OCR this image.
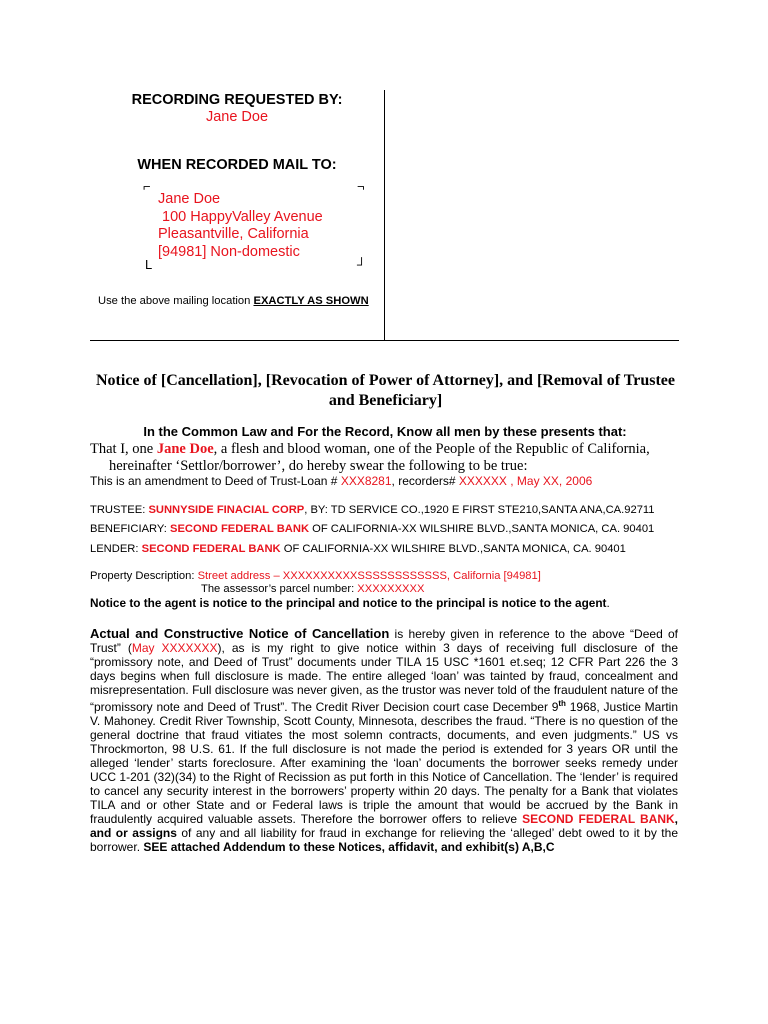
RECORDING REQUESTED BY:
Jane Doe
WHEN RECORDED MAIL TO:
⌐	¬
L	┘
Jane Doe
100 HappyValley Avenue
Pleasantville, California
[94981] Non-domestic
Use the above mailing location EXACTLY AS SHOWN
Notice of [Cancellation], [Revocation of Power of Attorney], and [Removal of Trustee and Beneficiary]
In the Common Law and For the Record, Know all men by these presents that:
That I, one Jane Doe, a flesh and blood woman, one of the People of the Republic of California,
hereinafter ‘Settlor/borrower’, do hereby swear the following to be true:
This is an amendment to Deed of Trust-Loan # XXX8281, recorders# XXXXXX , May XX, 2006
TRUSTEE: SUNNYSIDE FINACIAL CORP, BY: TD SERVICE CO.,1920 E FIRST STE210,SANTA ANA,CA.92711
BENEFICIARY: SECOND FEDERAL BANK OF CALIFORNIA-XX WILSHIRE BLVD.,SANTA MONICA, CA. 90401
LENDER: SECOND FEDERAL BANK OF CALIFORNIA-XX WILSHIRE BLVD.,SANTA MONICA, CA. 90401
Property Description: Street address – XXXXXXXXXXSSSSSSSSSSSS, California [94981]
The assessor’s parcel number: XXXXXXXXX
Notice to the agent is notice to the principal and notice to the principal is notice to the agent.
Actual and Constructive Notice of Cancellation is hereby given in reference to the above “Deed of Trust” (May XXXXXXX), as is my right to give notice within 3 days of receiving full disclosure of the “promissory note, and Deed of Trust” documents under TILA 15 USC *1601 et.seq; 12 CFR Part 226 the 3 days begins when full disclosure is made. The entire alleged ‘loan’ was tainted by fraud, concealment and misrepresentation. Full disclosure was never given, as the trustor was never told of the fraudulent nature of the “promissory note and Deed of Trust”. The Credit River Decision court case December 9th 1968, Justice Martin V. Mahoney. Credit River Township, Scott County, Minnesota, describes the fraud. “There is no question of the general doctrine that fraud vitiates the most solemn contracts, documents, and even judgments.” US vs Throckmorton, 98 U.S. 61. If the full disclosure is not made the period is extended for 3 years OR until the alleged ‘lender’ starts foreclosure. After examining the ‘loan’ documents the borrower seeks remedy under UCC 1-201 (32)(34) to the Right of Recission as put forth in this Notice of Cancellation. The ‘lender’ is required to cancel any security interest in the borrowers’ property within 20 days. The penalty for a Bank that violates TILA and or other State and or Federal laws is triple the amount that would be accrued by the Bank in fraudulently acquired valuable assets. Therefore the borrower offers to relieve SECOND FEDERAL BANK, and or assigns of any and all liability for fraud in exchange for relieving the ‘alleged’ debt owed to it by the borrower. SEE attached Addendum to these Notices, affidavit, and exhibit(s) A,B,C
